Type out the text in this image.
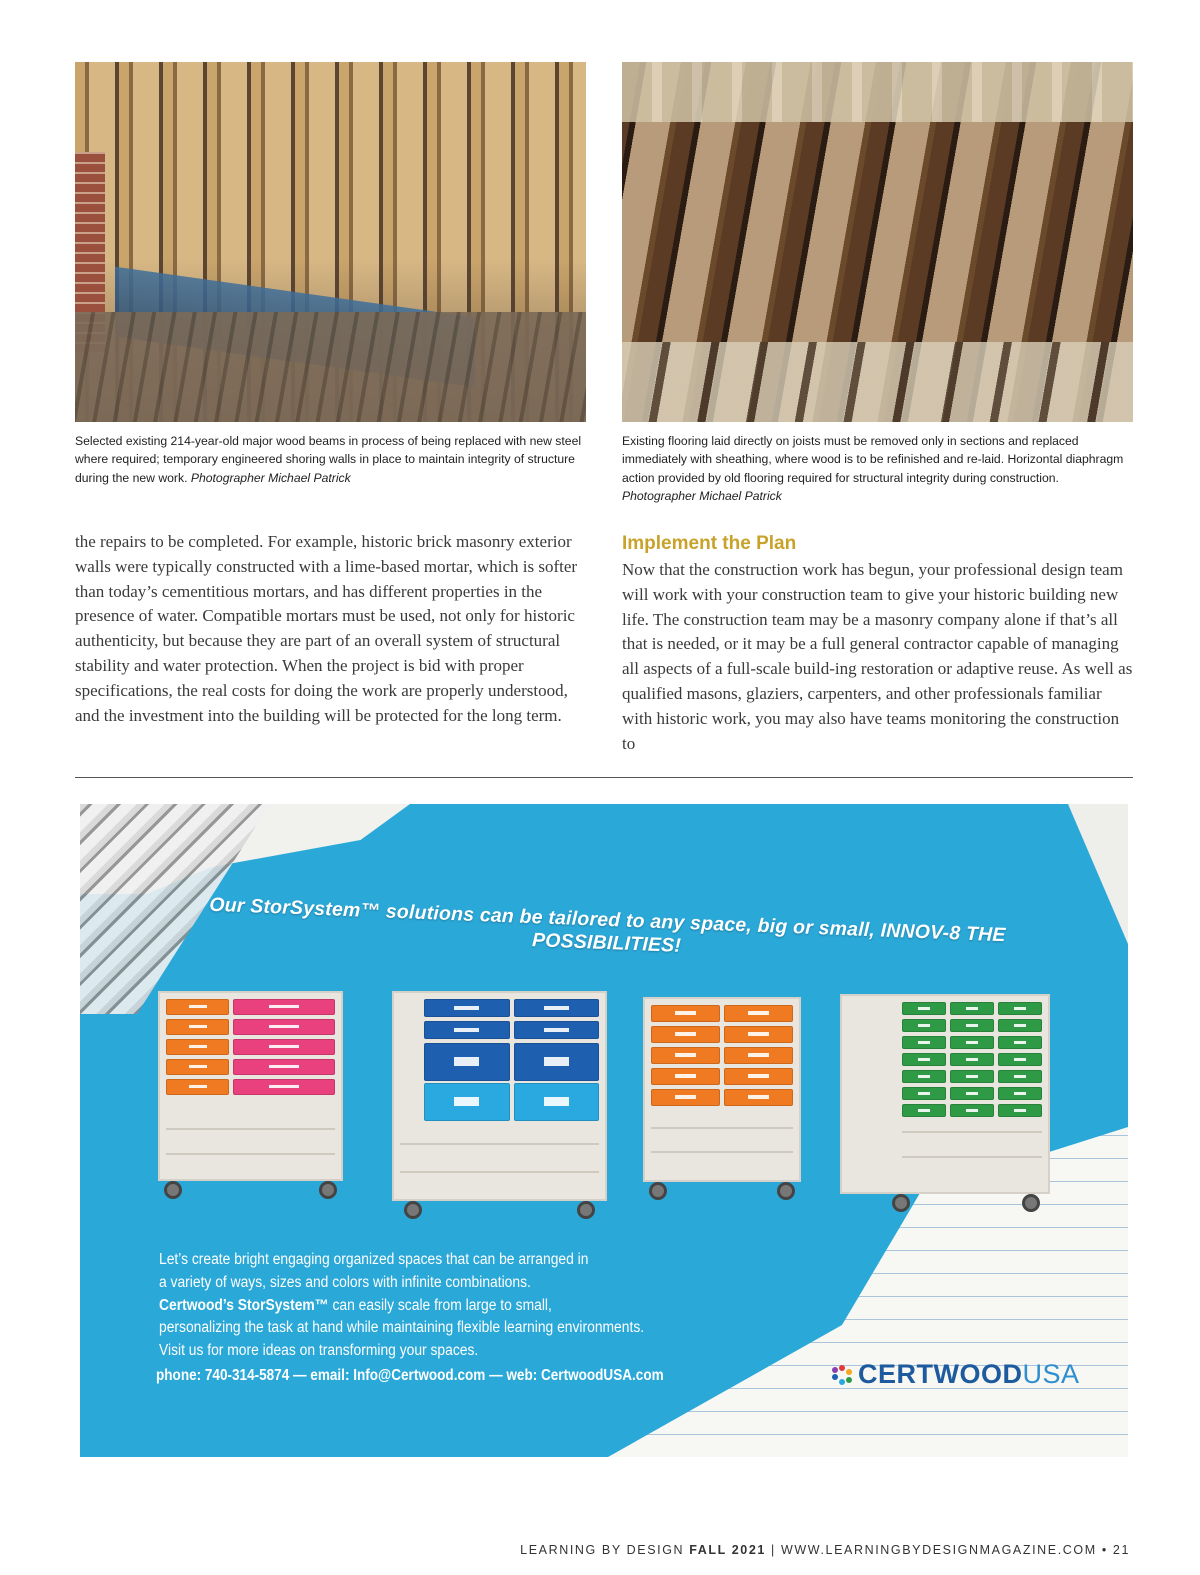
Selected existing 214-year-old major wood beams in process of being replaced with new steel where required; temporary engineered shoring walls in place to maintain integrity of structure during the new work. Photographer Michael Patrick
Existing flooring laid directly on joists must be removed only in sections and replaced immediately with sheathing, where wood is to be refinished and re-laid. Horizontal diaphragm action provided by old flooring required for structural integrity during construction. Photographer Michael Patrick
the repairs to be completed. For example, historic brick masonry exterior walls were typically constructed with a lime-based mortar, which is softer than today’s cementitious mortars, and has different properties in the presence of water. Compatible mortars must be used, not only for historic authenticity, but because they are part of an overall system of structural stability and water protection. When the project is bid with proper specifications, the real costs for doing the work are properly understood, and the investment into the building will be protected for the long term.
Implement the Plan
Now that the construction work has begun, your professional design team will work with your construction team to give your historic building new life. The construction team may be a masonry company alone if that’s all that is needed, or it may be a full general contractor capable of managing all aspects of a full-scale build-ing restoration or adaptive reuse. As well as qualified masons, glaziers, carpenters, and other professionals familiar with historic work, you may also have teams monitoring the construction to
Our StorSystem™ solutions can be tailored to any space, big or small, INNOV-8 THE POSSIBILITIES!
Let’s create bright engaging organized spaces that can be arranged in
a variety of ways, sizes and colors with infinite combinations.
Certwood’s StorSystem™ can easily scale from large to small,
personalizing the task at hand while maintaining flexible learning environments.
Visit us for more ideas on transforming your spaces.
phone: 740-314-5874 — email: Info@Certwood.com — web: CertwoodUSA.com	CERTWOOD USA
LEARNING BY DESIGN FALL 2021 | WWW.LEARNINGBYDESIGNMAGAZINE.COM • 21
